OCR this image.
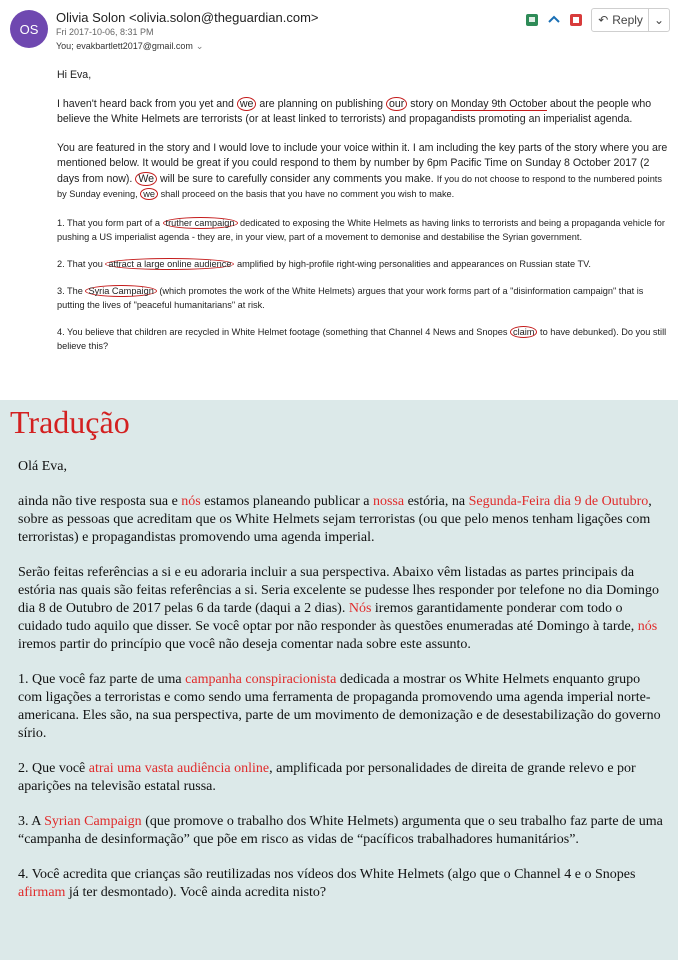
OS
Olivia Solon <olivia.solon@theguardian.com>
Fri 2017-10-06, 8:31 PM
You; evakbartlett2017@gmail.com ⌄
↶ Reply ⌄

Hi Eva,

I haven't heard back from you yet and we are planning on publishing our story on Monday 9th October about the people who believe the White Helmets are terrorists (or at least linked to terrorists) and propagandists promoting an imperialist agenda.

You are featured in the story and I would love to include your voice within it. I am including the key parts of the story where you are mentioned below. It would be great if you could respond to them by number by 6pm Pacific Time on Sunday 8 October 2017 (2 days from now). We will be sure to carefully consider any comments you make. If you do not choose to respond to the numbered points by Sunday evening, we shall proceed on the basis that you have no comment you wish to make.

1. That you form part of a truther campaign dedicated to exposing the White Helmets as having links to terrorists and being a propaganda vehicle for pushing a US imperialist agenda - they are, in your view, part of a movement to demonise and destabilise the Syrian government.

2. That you attract a large online audience amplified by high-profile right-wing personalities and appearances on Russian state TV.

3. The Syria Campaign (which promotes the work of the White Helmets) argues that your work forms part of a "disinformation campaign" that is putting the lives of "peaceful humanitarians" at risk.

4. You believe that children are recycled in White Helmet footage (something that Channel 4 News and Snopes claim to have debunked). Do you still believe this?

Tradução

Olá Eva,

ainda não tive resposta sua e nós estamos planeando publicar a nossa estória, na Segunda-Feira dia 9 de Outubro, sobre as pessoas que acreditam que os White Helmets sejam terroristas (ou que pelo menos tenham ligações com terroristas) e propagandistas promovendo uma agenda imperial.

Serão feitas referências a si e eu adoraria incluir a sua perspectiva. Abaixo vêm listadas as partes principais da estória nas quais são feitas referências a si. Seria excelente se pudesse lhes responder por telefone no dia Domingo dia 8 de Outubro de 2017 pelas 6 da tarde (daqui a 2 dias). Nós iremos garantidamente ponderar com todo o cuidado tudo aquilo que disser. Se você optar por não responder às questões enumeradas até Domingo à tarde, nós iremos partir do princípio que você não deseja comentar nada sobre este assunto.

1. Que você faz parte de uma campanha conspiracionista dedicada a mostrar os White Helmets enquanto grupo com ligações a terroristas e como sendo uma ferramenta de propaganda promovendo uma agenda imperial norte-americana. Eles são, na sua perspectiva, parte de um movimento de demonização e de desestabilização do governo sírio.

2. Que você atrai uma vasta audiência online, amplificada por personalidades de direita de grande relevo e por aparições na televisão estatal russa.

3. A Syrian Campaign (que promove o trabalho dos White Helmets) argumenta que o seu trabalho faz parte de uma “campanha de desinformação” que põe em risco as vidas de “pacíficos trabalhadores humanitários”.

4. Você acredita que crianças são reutilizadas nos vídeos dos White Helmets (algo que o Channel 4 e o Snopes afirmam já ter desmontado). Você ainda acredita nisto?
